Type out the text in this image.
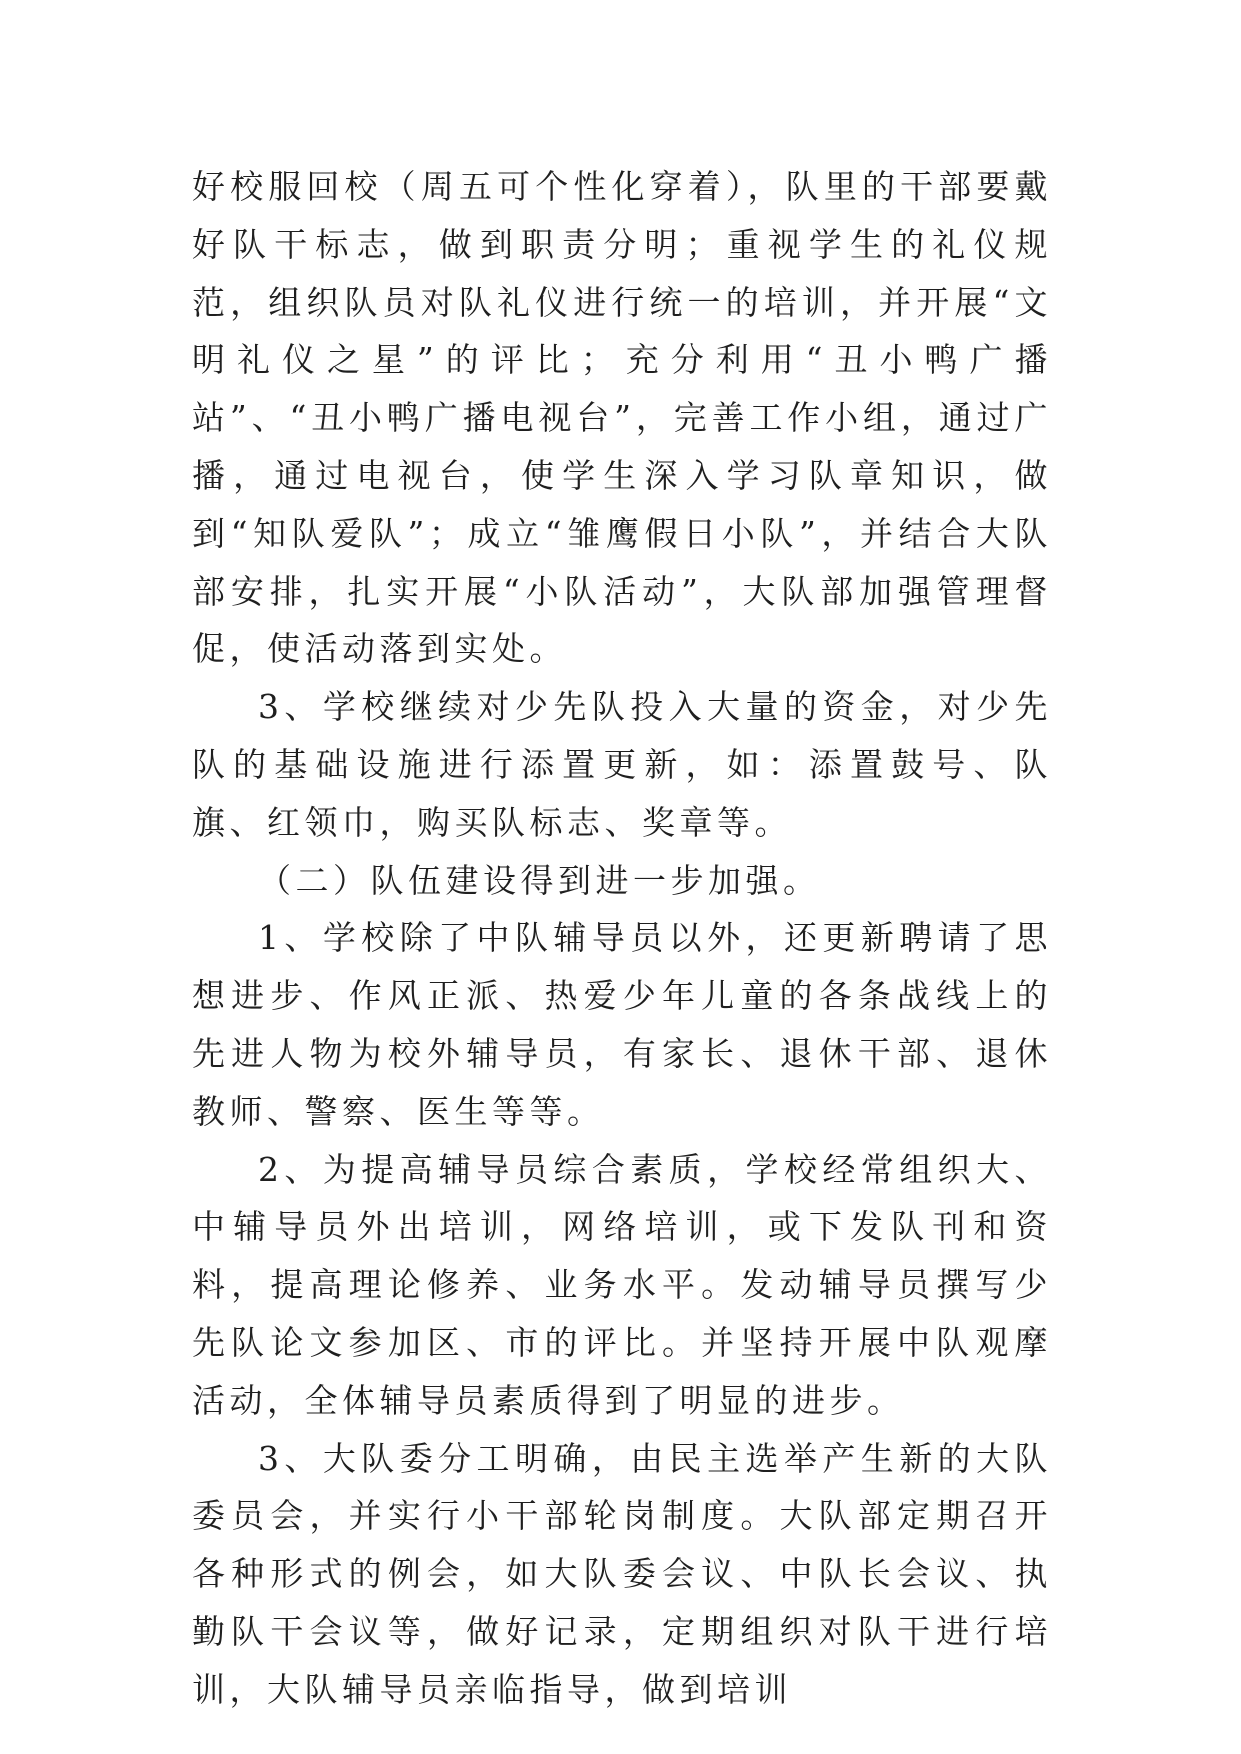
好校服回校（周五可个性化穿着），队里的干部要戴好队干标志，做到职责分明；重视学生的礼仪规范，组织队员对队礼仪进行统一的培训，并开展“文明礼仪之星”的评比；充分利用“丑小鸭广播站”、“丑小鸭广播电视台”，完善工作小组，通过广播，通过电视台，使学生深入学习队章知识，做到“知队爱队”；成立“雏鹰假日小队”，并结合大队部安排，扎实开展“小队活动”，大队部加强管理督促，使活动落到实处。

3、学校继续对少先队投入大量的资金，对少先队的基础设施进行添置更新，如：添置鼓号、队旗、红领巾，购买队标志、奖章等。

（二）队伍建设得到进一步加强。

1、学校除了中队辅导员以外，还更新聘请了思想进步、作风正派、热爱少年儿童的各条战线上的先进人物为校外辅导员，有家长、退休干部、退休教师、警察、医生等等。

2、为提高辅导员综合素质，学校经常组织大、中辅导员外出培训，网络培训，或下发队刊和资料，提高理论修养、业务水平。发动辅导员撰写少先队论文参加区、市的评比。并坚持开展中队观摩活动，全体辅导员素质得到了明显的进步。

3、大队委分工明确，由民主选举产生新的大队委员会，并实行小干部轮岗制度。大队部定期召开各种形式的例会，如大队委会议、中队长会议、执勤队干会议等，做好记录，定期组织对队干进行培训，大队辅导员亲临指导，做到培训
